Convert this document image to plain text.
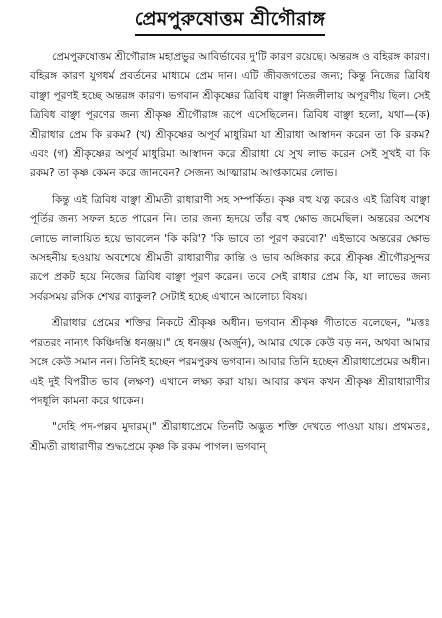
প্রেমপুরুষোত্তম শ্রীগৌরাঙ্গ

প্রেমপুরুষোত্তম শ্রীগৌরাঙ্গ মহাপ্রভুর আবির্ভাবের দু'টি কারণ রয়েছে। অন্তরঙ্গ ও বহিরঙ্গ কারণ। বহিরঙ্গ কারণ যুগধর্ম প্রবর্তনের মাধ্যমে প্রেম দান। এটি জীবজগতের জন্য; কিন্তু নিজের ত্রিবিধ বাঞ্ছা পূরণই হচ্ছে অন্তরঙ্গ কারণ। ভগবান শ্রীকৃষ্ণের ত্রিবিধ বাঞ্ছা নিজলীলায় অপূরণীয় ছিল। সেই ত্রিবিধ বাঞ্ছা পূরণের জন্য শ্রীকৃষ্ণ শ্রীগৌরাঙ্গ রূপে এসেছিলেন। ত্রিবিধ বাঞ্ছা হলো, যথা—(ক) শ্রীরাধার প্রেম কি রকম? (খ) শ্রীকৃষ্ণের অপূর্ব মাধুরিমা যা শ্রীরাধা আস্বাদন করেন তা কি রকম? এবং (গ) শ্রীকৃষ্ণের অপূর্ব মাধুরিমা আস্বাদন করে শ্রীরাধা যে সুখ লাভ করেন সেই সুখই বা কি রকম? তা কৃষ্ণ কেমন করে জানবেন? সেজন্য আত্মারাম আপ্তকামের লোভ।

কিন্তু এই ত্রিবিধ বাঞ্ছা শ্রীমতী রাধারাণী সহ সম্পর্কিত। কৃষ্ণ বহু যত্ন করেও এই ত্রিবিধ বাঞ্ছা পূর্তির জন্য সফল হতে পারেন নি। তার জন্য হৃদয়ে তাঁর বহু ক্ষোভ জমেছিল। অন্তরের অশেষ লোভে লালায়িত হয়ে ভাবলেন 'কি করি'? 'কি ভাবে তা পূরণ করবো?' এইভাবে অন্তরের ক্ষোভ অসহনীয় হওয়ায় অবশেষে শ্রীমতী রাধারাণীর কান্তি ও ভাব অঙ্গিকার করে শ্রীকৃষ্ণ শ্রীগৌরসুন্দর রূপে প্রকট হয়ে নিজের ত্রিবিধ বাঞ্ছা পূরণ করেন। তবে সেই রাধার প্রেম কি, যা লাভের জন্য সর্বরসময় রসিক শেখর ব্যাকুল? সেটাই হচ্ছে এখানে আলোচ্য বিষয়।

শ্রীরাধার প্রেমের শক্তির নিকটে শ্রীকৃষ্ণ অধীন। ভগবান শ্রীকৃষ্ণ গীতাতে বলেছেন, "মত্তঃ পরতরং নান্যৎ কিঞ্চিদস্তি ধনঞ্জয়।" হে ধনঞ্জয় (অর্জুন), আমার থেকে কেউ বড় নন, অথবা আমার সঙ্গে কেউ সমান নন। তিনিই হচ্ছেন পরমপুরুষ ভগবান। আবার তিনি হচ্ছেন শ্রীরাধাপ্রেমের অধীন। এই দুই বিপরীত ভাব (লক্ষণ) এখানে লক্ষ্য করা যায়। আবার কখন কখন শ্রীকৃষ্ণ শ্রীরাধারাণীর পদধূলি কামনা করে থাকেন।

"দেহি পদ-পল্লব মুদারম্।" শ্রীরাধাপ্রেমে তিনটি অদ্ভুত শক্তি দেখতে পাওয়া যায়। প্রথমতঃ, শ্রীমতী রাধারাণীর শুদ্ধপ্রেমে কৃষ্ণ কি রকম পাগল। ভগবান্
